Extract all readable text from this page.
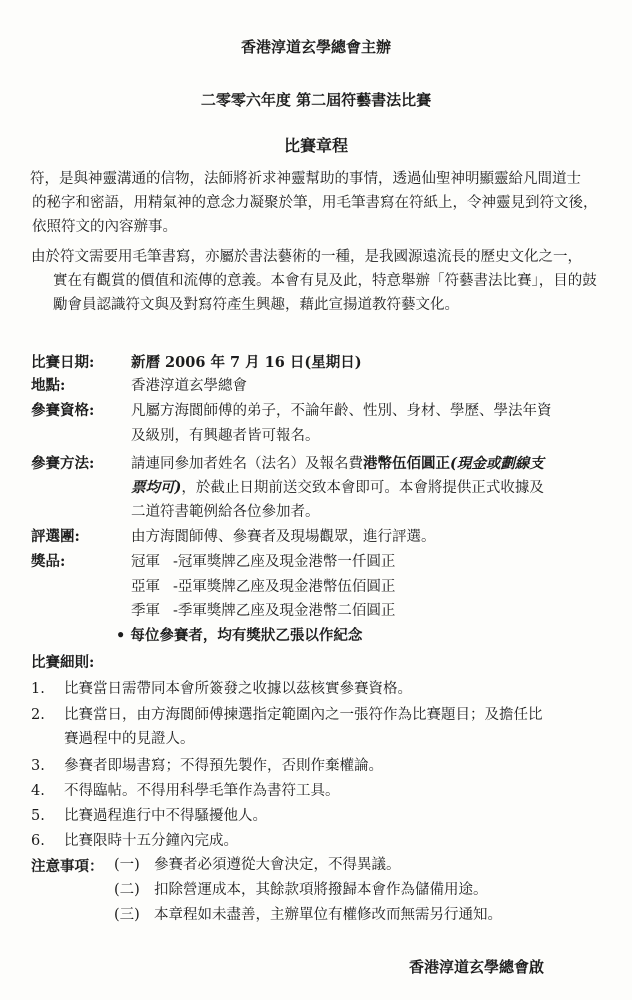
香港淳道玄學總會主辦
二零零六年度 第二屆符藝書法比賽
比賽章程

符，是與神靈溝通的信物，法師將祈求神靈幫助的事情，透過仙聖神明顯靈給凡間道士

的秘字和密語，用精氣神的意念力凝聚於筆，用毛筆書寫在符紙上，令神靈見到符文後，

依照符文的內容辦事。

由於符文需要用毛筆書寫，亦屬於書法藝術的一種，是我國源遠流長的歷史文化之一，

實在有觀賞的價值和流傳的意義。本會有見及此，特意舉辦「符藝書法比賽」，目的鼓

勵會員認識符文與及對寫符產生興趣，藉此宣揚道教符藝文化。

比賽日期:	新曆 2006 年 7 月 16 日(星期日)
地點:	香港淳道玄學總會
參賽資格:	凡屬方海閬師傅的弟子，不論年齡、性別、身材、學歷、學法年資
及級別，有興趣者皆可報名。
參賽方法:	請連同參加者姓名（法名）及報名費港幣伍佰圓正(現金或劃線支
票均可)，於截止日期前送交致本會即可。本會將提供正式收據及
二道符書範例給各位參加者。
評選團:	由方海閬師傅、參賽者及現場觀眾，進行評選。
獎品:	冠軍 -冠軍獎牌乙座及現金港幣一仟圓正
亞軍 -亞軍獎牌乙座及現金港幣伍佰圓正
季軍 -季軍獎牌乙座及現金港幣二佰圓正
• 每位參賽者，均有獎狀乙張以作紀念
比賽細則:
1. 比賽當日需帶同本會所簽發之收據以茲核實參賽資格。
2. 比賽當日，由方海閬師傅揀選指定範圍內之一張符作為比賽題目；及擔任比
賽過程中的見證人。
3. 參賽者即場書寫；不得預先製作，否則作棄權論。
4. 不得臨帖。不得用科學毛筆作為書符工具。
5. 比賽過程進行中不得騷擾他人。
6. 比賽限時十五分鐘內完成。
注意事項： (一) 參賽者必須遵從大會決定，不得異議。
(二) 扣除營運成本，其餘款項將撥歸本會作為儲備用途。
(三) 本章程如未盡善，主辦單位有權修改而無需另行通知。
香港淳道玄學總會啟
